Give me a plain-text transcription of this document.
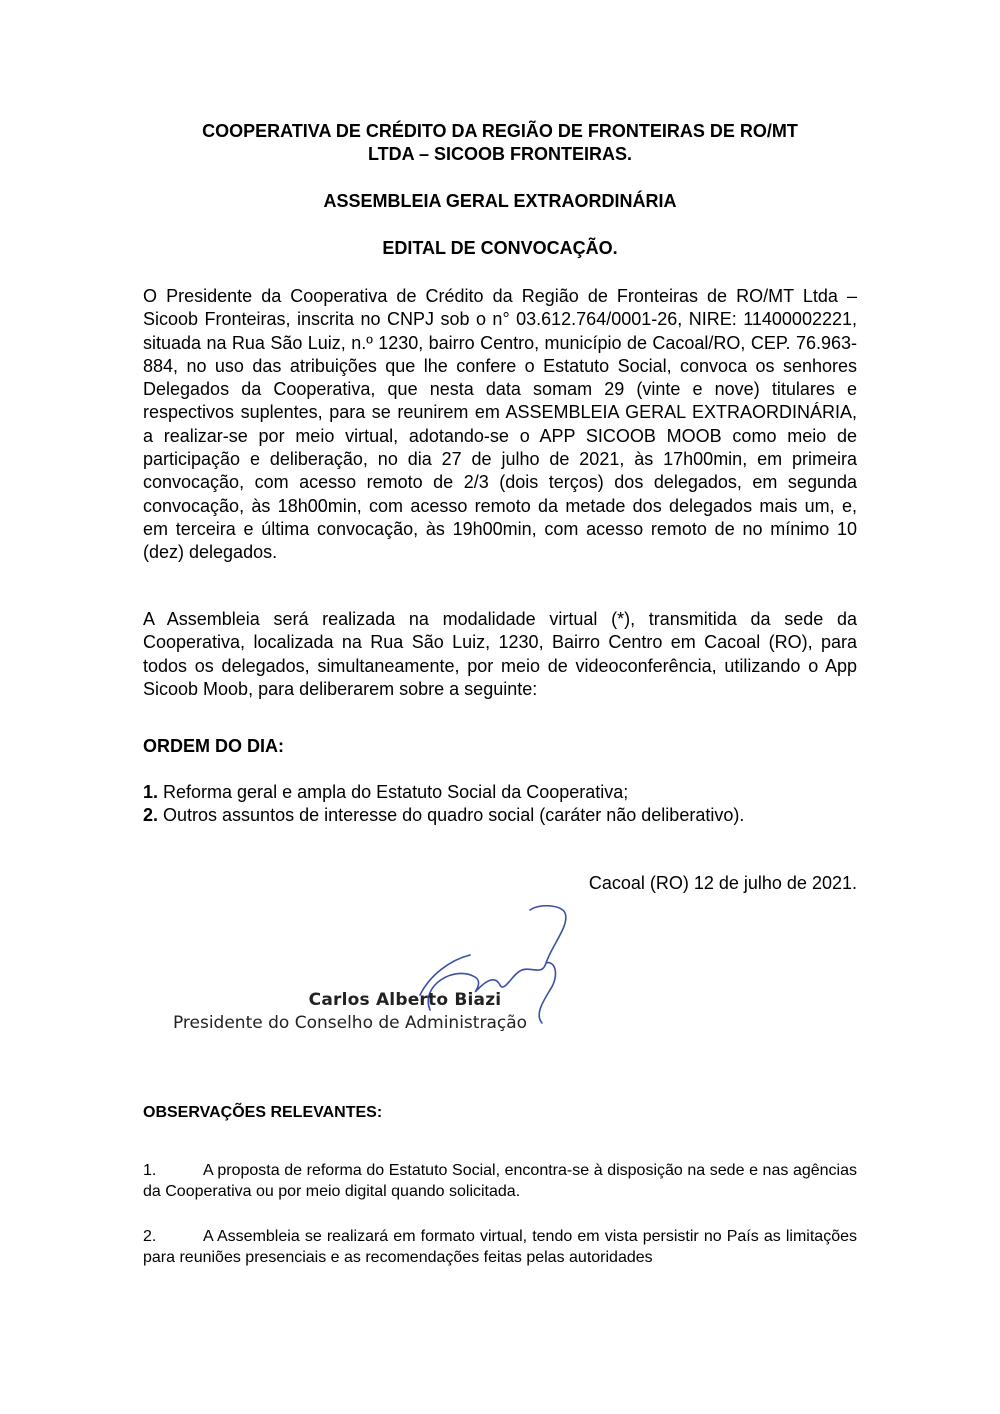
COOPERATIVA DE CRÉDITO DA REGIÃO DE FRONTEIRAS DE RO/MT
LTDA – SICOOB FRONTEIRAS.
ASSEMBLEIA GERAL EXTRAORDINÁRIA
EDITAL DE CONVOCAÇÃO.
O Presidente da Cooperativa de Crédito da Região de Fronteiras de RO/MT Ltda – Sicoob Fronteiras, inscrita no CNPJ sob o n° 03.612.764/0001-26, NIRE: 11400002221, situada na Rua São Luiz, n.º 1230, bairro Centro, município de Cacoal/RO, CEP. 76.963-884, no uso das atribuições que lhe confere o Estatuto Social, convoca os senhores Delegados da Cooperativa, que nesta data somam 29 (vinte e nove) titulares e respectivos suplentes, para se reunirem em ASSEMBLEIA GERAL EXTRAORDINÁRIA, a realizar-se por meio virtual, adotando-se o APP SICOOB MOOB como meio de participação e deliberação, no dia 27 de julho de 2021, às 17h00min, em primeira convocação, com acesso remoto de 2/3 (dois terços) dos delegados, em segunda convocação, às 18h00min, com acesso remoto da metade dos delegados mais um, e, em terceira e última convocação, às 19h00min, com acesso remoto de no mínimo 10 (dez) delegados.
A Assembleia será realizada na modalidade virtual (*), transmitida da sede da Cooperativa, localizada na Rua São Luiz, 1230, Bairro Centro em Cacoal (RO), para todos os delegados, simultaneamente, por meio de videoconferência, utilizando o App Sicoob Moob, para deliberarem sobre a seguinte:
ORDEM DO DIA:
1. Reforma geral e ampla do Estatuto Social da Cooperativa;
2. Outros assuntos de interesse do quadro social (caráter não deliberativo).
Cacoal (RO) 12 de julho de 2021.
OBSERVAÇÕES RELEVANTES:
1.	A proposta de reforma do Estatuto Social, encontra-se à disposição na sede e nas agências da Cooperativa ou por meio digital quando solicitada.
2.	A Assembleia se realizará em formato virtual, tendo em vista persistir no País as limitações para reuniões presenciais e as recomendações feitas pelas autoridades
Carlos Alberto Biazi
Presidente do Conselho de Administração
